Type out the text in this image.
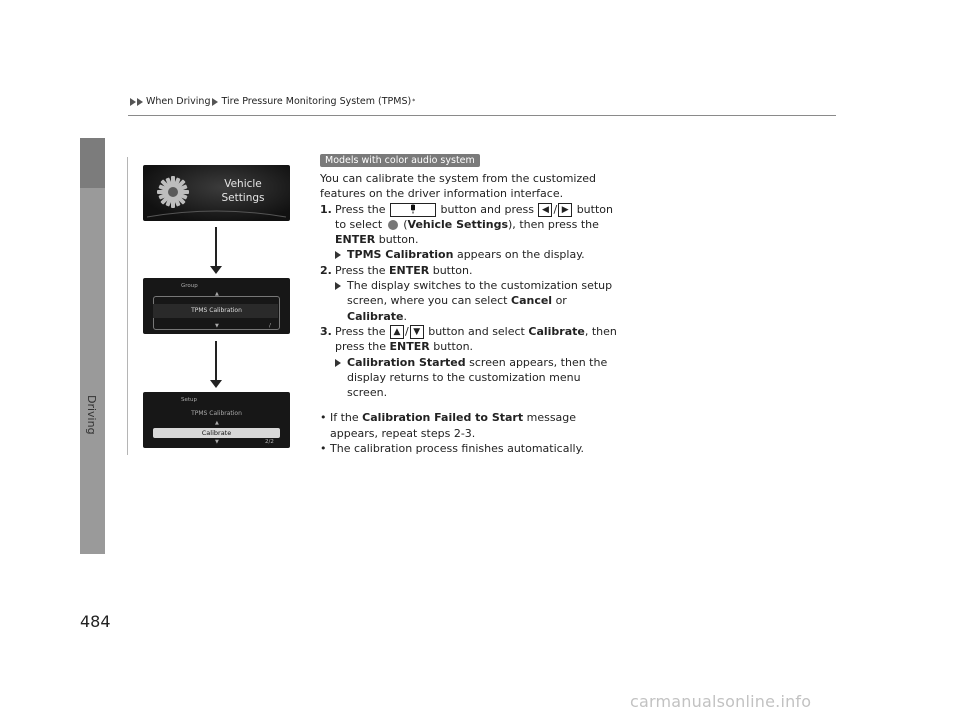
When Driving Tire Pressure Monitoring System (TPMS) *
Driving
484
Vehicle
Settings
Group
▲
TPMS Calibration
▼	/
Setup
TPMS Calibration
▲
Calibrate
▼	2/2
Models with color audio system

You can calibrate the system from the customized features on the driver information interface.

1. Press the	button and press ◀ / ▶ button to select (Vehicle Settings), then press the ENTER button.
TPMS Calibration appears on the display.
2. Press the ENTER button.
The display switches to the customization setup screen, where you can select Cancel or Calibrate.
3. Press the ▲ / ▼ button and select Calibrate, then press the ENTER button.
Calibration Started screen appears, then the display returns to the customization menu screen.
• If the Calibration Failed to Start message appears, repeat steps 2-3.
• The calibration process finishes automatically.
carmanualsonline.info
